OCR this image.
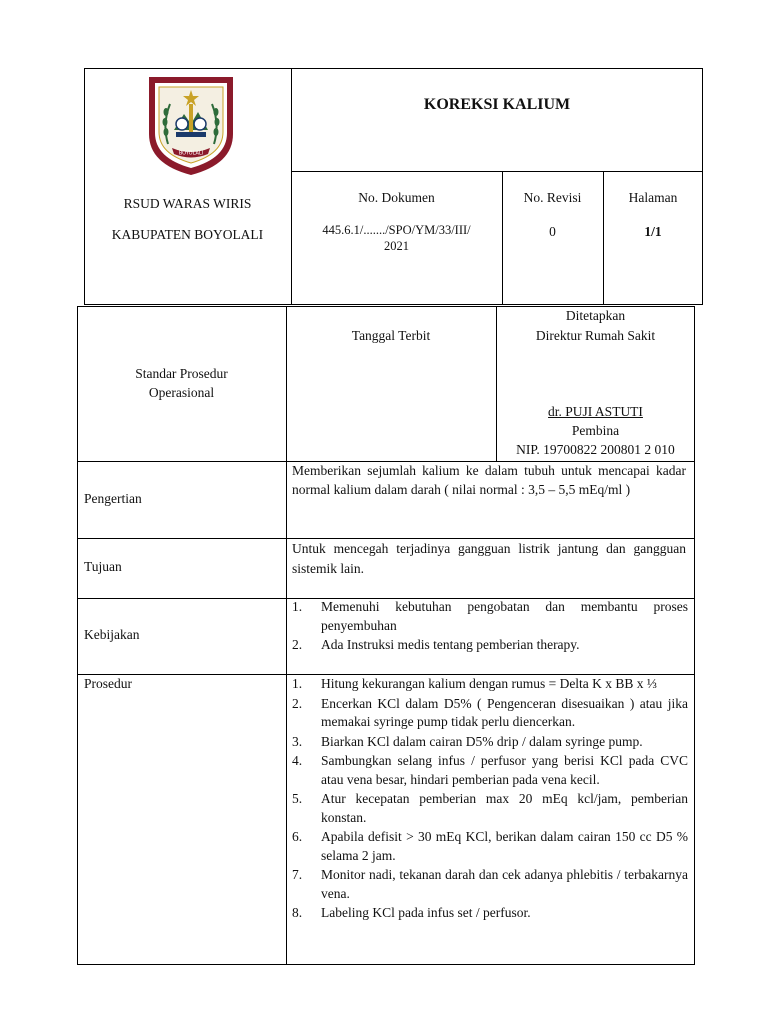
BOYOLALI
RSUD WARAS WIRIS
KABUPATEN BOYOLALI
KOREKSI KALIUM
No. Dokumen
445.6.1/......./SPO/YM/33/III/
2021
No. Revisi
0
Halaman
1/1
Standar Prosedur
Operasional
Tanggal Terbit
Ditetapkan
Direktur Rumah Sakit
dr. PUJI ASTUTI
Pembina
NIP. 19700822 200801 2 010
Pengertian
Memberikan sejumlah kalium ke dalam tubuh untuk mencapai kadar normal kalium dalam darah ( nilai normal : 3,5 – 5,5 mEq/ml )
Tujuan
Untuk mencegah terjadinya gangguan listrik jantung dan gangguan sistemik lain.
Kebijakan
1. Memenuhi kebutuhan pengobatan dan membantu proses penyembuhan
2. Ada Instruksi medis tentang pemberian therapy.
Prosedur	1. Hitung kekurangan kalium dengan rumus = Delta K x BB x ⅓
2. Encerkan KCl dalam D5% ( Pengenceran disesuaikan ) atau jika memakai syringe pump tidak perlu diencerkan.
3. Biarkan KCl dalam cairan D5% drip / dalam syringe pump.
4. Sambungkan selang infus / perfusor yang berisi KCl pada CVC atau vena besar, hindari pemberian pada vena kecil.
5. Atur kecepatan pemberian max 20 mEq kcl/jam, pemberian konstan.
6. Apabila defisit > 30 mEq KCl, berikan dalam cairan 150 cc D5 % selama 2 jam.
7. Monitor nadi, tekanan darah dan cek adanya phlebitis / terbakarnya vena.
8. Labeling KCl pada infus set / perfusor.
